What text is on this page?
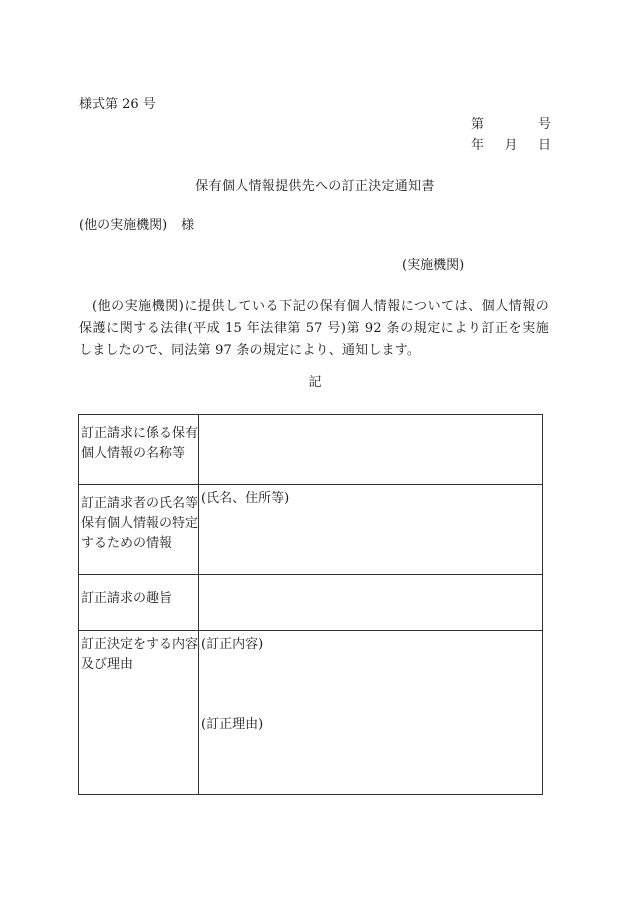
様式第 26 号
第	号
年 月 日
保有個人情報提供先への訂正決定通知書
(他の実施機関) 様
(実施機関)
(他の実施機関)に提供している下記の保有個人情報については、個人情報の保護に関する法律(平成 15 年法律第 57 号)第 92 条の規定により訂正を実施しましたので、同法第 97 条の規定により、通知します。
記
訂正請求に係る保有個人情報の名称等	
訂正請求者の氏名等保有個人情報の特定するための情報	(氏名、住所等)
訂正請求の趣旨	
訂正決定をする内容及び理由	(訂正内容)
(訂正理由)
